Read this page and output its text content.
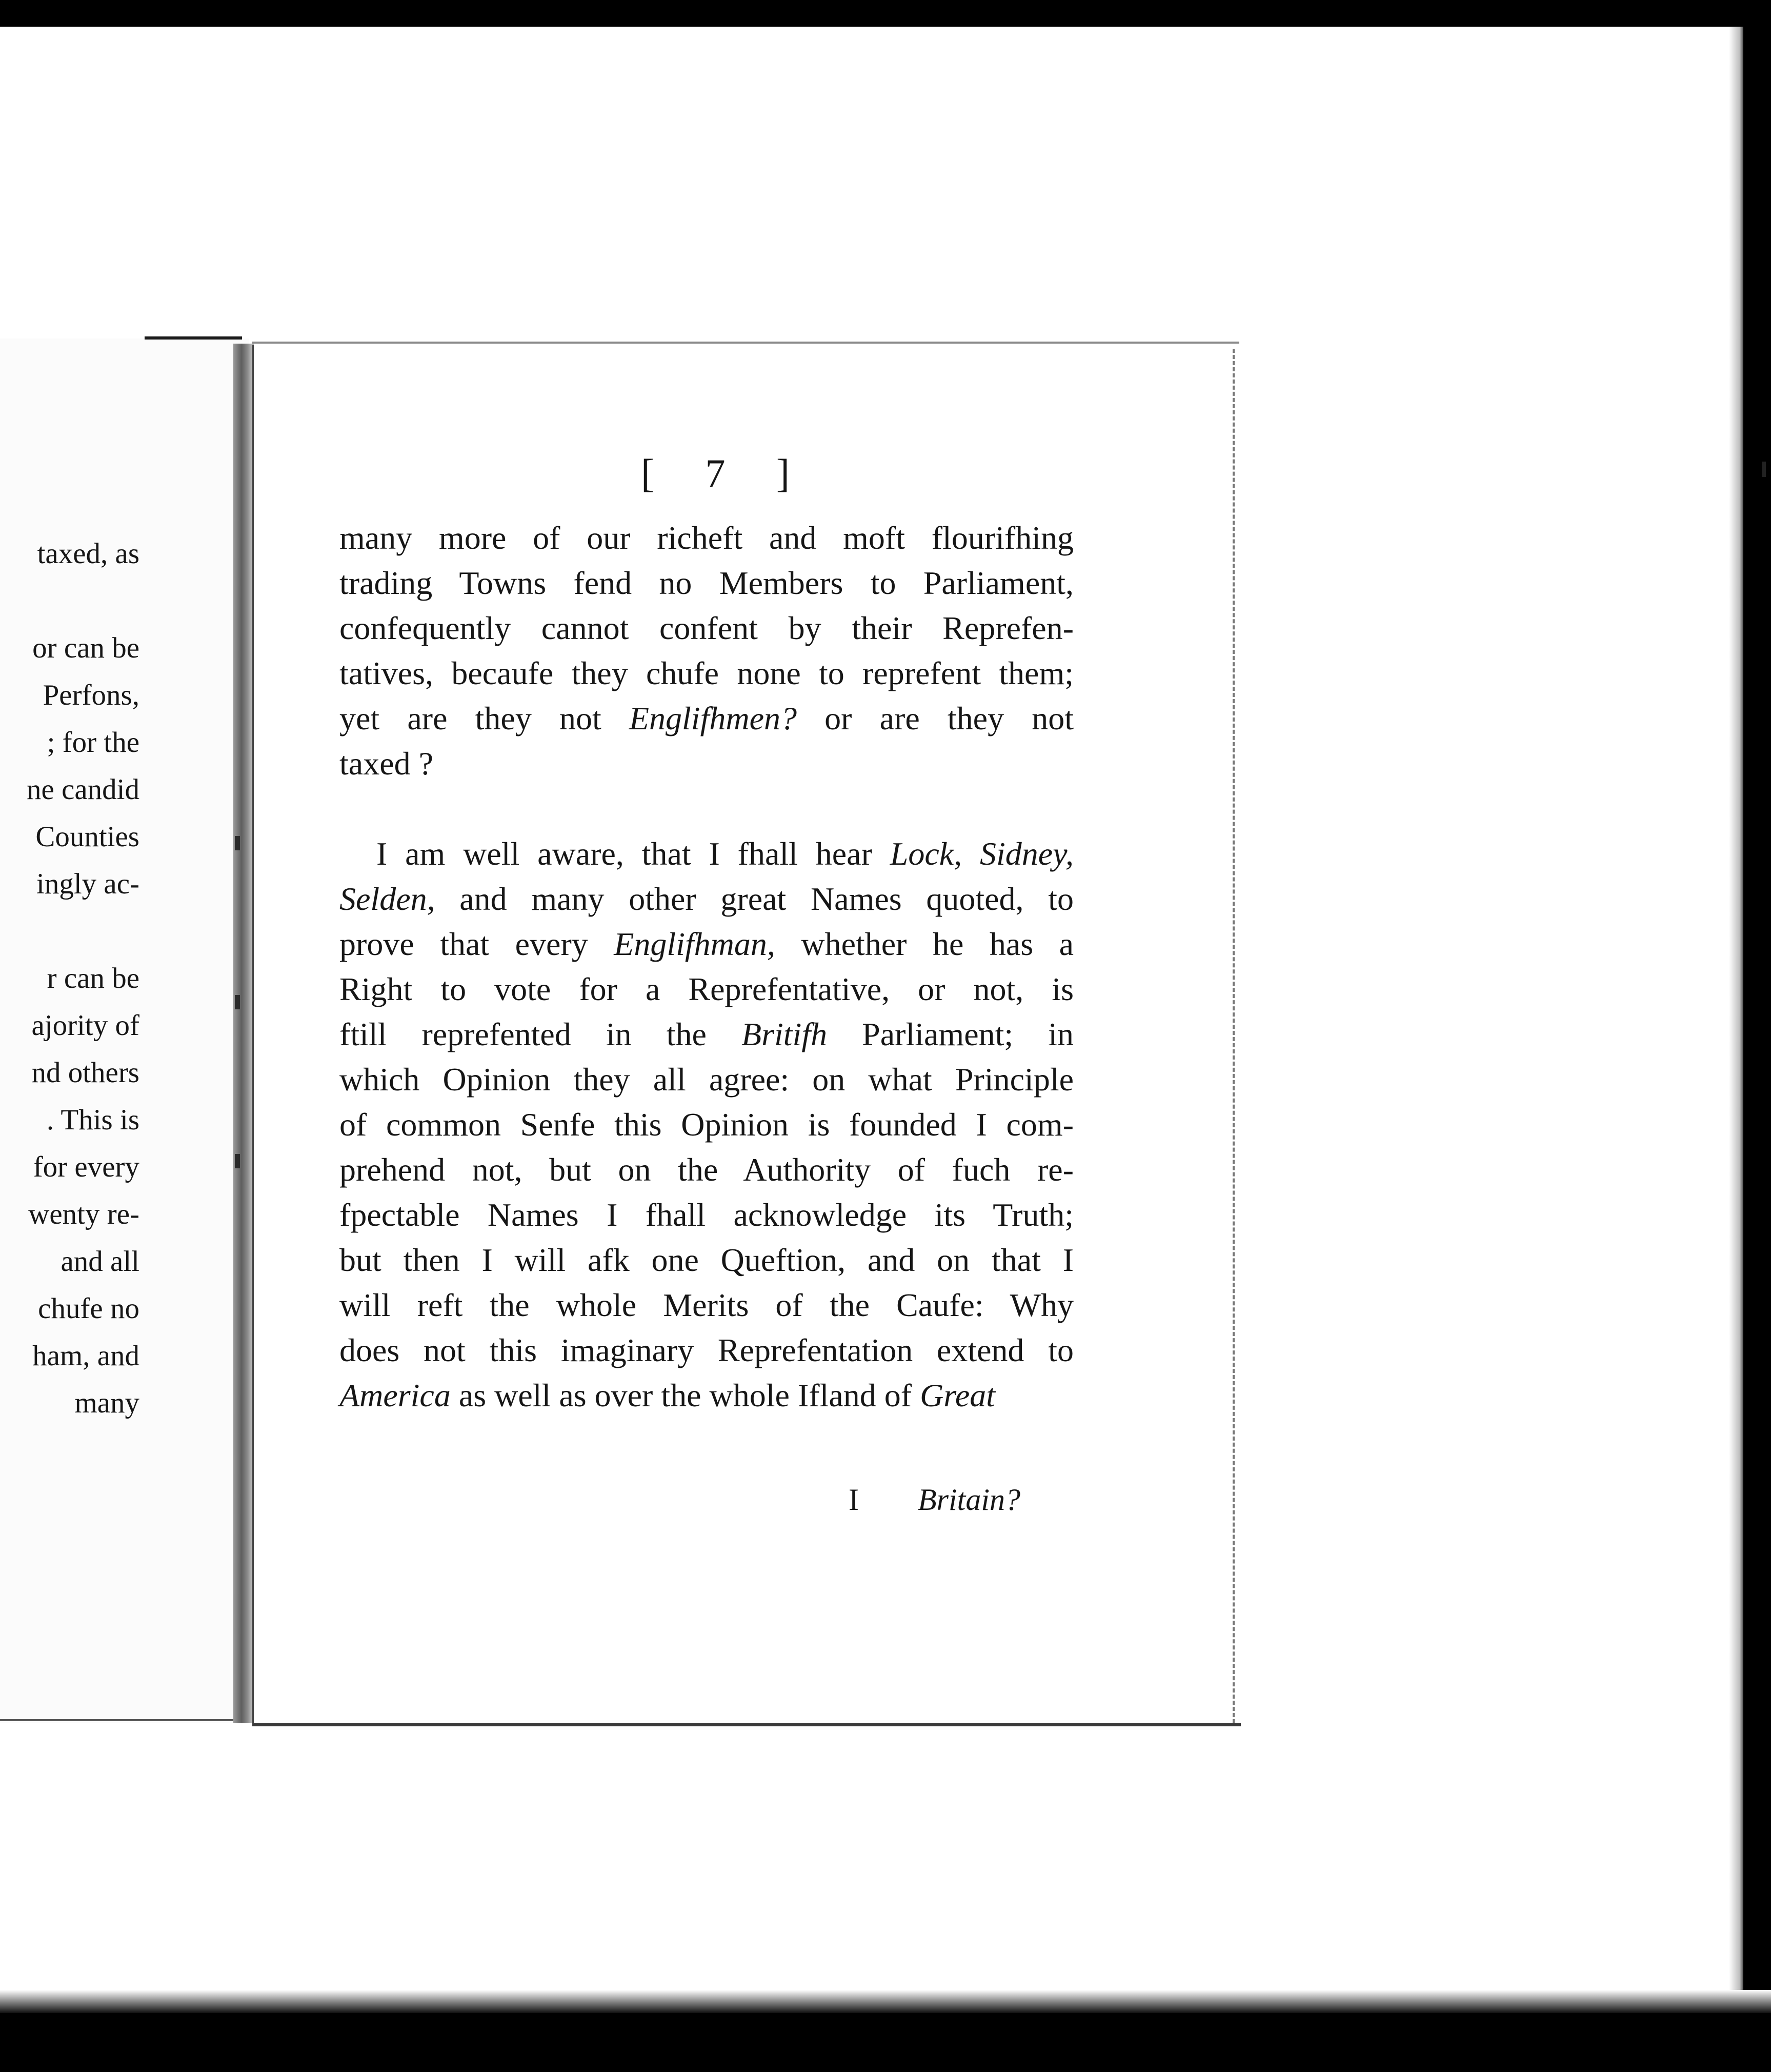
taxed, as

or can be
Perfons,
; for the
ne candid
Counties
ingly ac-

r can be
ajority of
nd others
. This is
for every
wenty re-
and all
chufe no
ham, and
many
[ 7 ]
many more of our richeft and moft flourifhing
trading Towns fend no Members to Parliament,
confequently cannot confent by their Reprefen-
tatives, becaufe they chufe none to reprefent them;
yet are they not Englifhmen? or are they not
taxed ?
I am well aware, that I fhall hear Lock, Sidney,
Selden, and many other great Names quoted, to
prove that every Englifhman, whether he has a
Right to vote for a Reprefentative, or not, is
ftill reprefented in the Britifh Parliament; in
which Opinion they all agree: on what Principle
of common Senfe this Opinion is founded I com-
prehend not, but on the Authority of fuch re-
fpectable Names I fhall acknowledge its Truth;
but then I will afk one Queftion, and on that I
will reft the whole Merits of the Caufe: Why
does not this imaginary Reprefentation extend to
America as well as over the whole Ifland of Great
I Britain?
